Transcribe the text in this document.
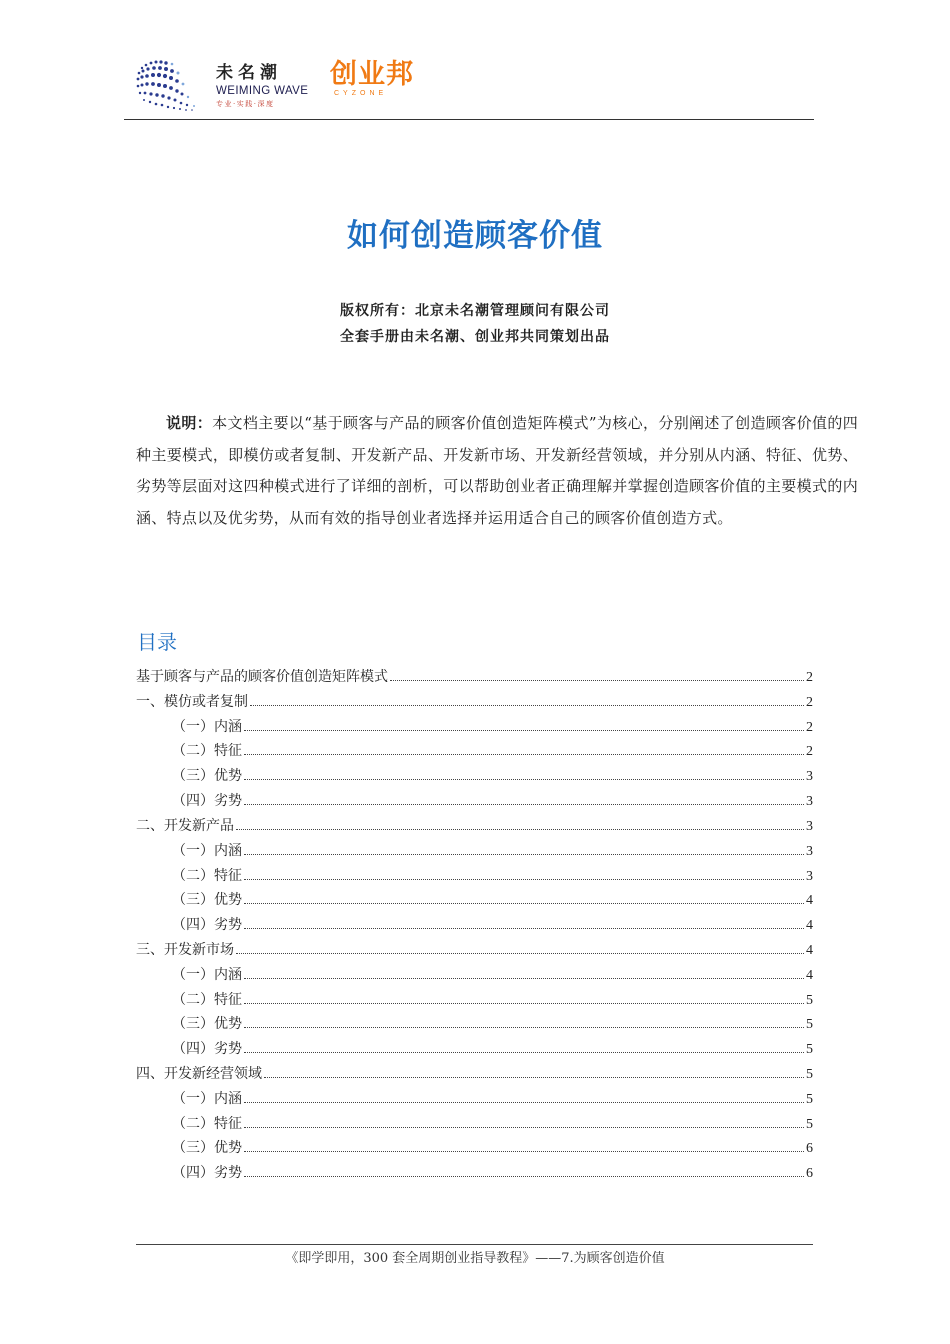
未名潮
WEIMING WAVE
专业·实践·深度
创业邦
CYZONE
如何创造顾客价值
版权所有：北京未名潮管理顾问有限公司
全套手册由未名潮、创业邦共同策划出品
说明：本文档主要以“基于顾客与产品的顾客价值创造矩阵模式”为核心，分别阐述了创造顾客价值的四种主要模式，即模仿或者复制、开发新产品、开发新市场、开发新经营领域，并分别从内涵、特征、优势、劣势等层面对这四种模式进行了详细的剖析，可以帮助创业者正确理解并掌握创造顾客价值的主要模式的内涵、特点以及优劣势，从而有效的指导创业者选择并运用适合自己的顾客价值创造方式。
目录
基于顾客与产品的顾客价值创造矩阵模式	2
一、模仿或者复制	2
（一）内涵	2
（二）特征	2
（三）优势	3
（四）劣势	3
二、开发新产品	3
（一）内涵	3
（二）特征	3
（三）优势	4
（四）劣势	4
三、开发新市场	4
（一）内涵	4
（二）特征	5
（三）优势	5
（四）劣势	5
四、开发新经营领域	5
（一）内涵	5
（二）特征	5
（三）优势	6
（四）劣势	6
《即学即用，300 套全周期创业指导教程》——7.为顾客创造价值
